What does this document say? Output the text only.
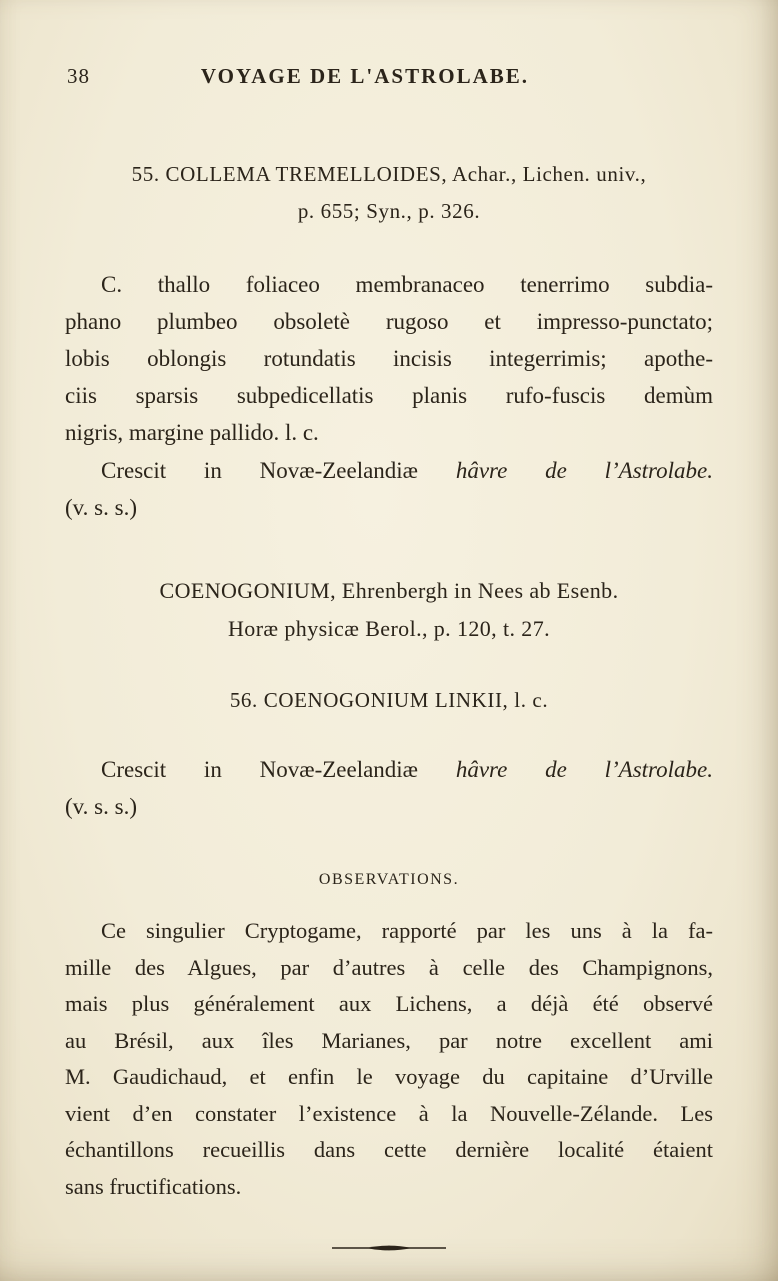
38	VOYAGE DE L'ASTROLABE.
55. COLLEMA TREMELLOIDES, Achar., Lichen. univ.,
p. 655; Syn., p. 326.
C. thallo foliaceo membranaceo tenerrimo subdia-
phano plumbeo obsoletè rugoso et impresso-punctato;
lobis oblongis rotundatis incisis integerrimis; apothe-
ciis sparsis subpedicellatis planis rufo-fuscis demùm
nigris, margine pallido. l. c.
Crescit in Novæ-Zeelandiæ hâvre de l’Astrolabe.
(v. s. s.)
COENOGONIUM, Ehrenbergh in Nees ab Esenb.
Horæ physicæ Berol., p. 120, t. 27.
56. COENOGONIUM LINKII, l. c.
Crescit in Novæ-Zeelandiæ hâvre de l’Astrolabe.
(v. s. s.)
OBSERVATIONS.
Ce singulier Cryptogame, rapporté par les uns à la fa-
mille des Algues, par d’autres à celle des Champignons,
mais plus généralement aux Lichens, a déjà été observé
au Brésil, aux îles Marianes, par notre excellent ami
M. Gaudichaud, et enfin le voyage du capitaine d’Urville
vient d’en constater l’existence à la Nouvelle-Zélande. Les
échantillons recueillis dans cette dernière localité étaient
sans fructifications.
